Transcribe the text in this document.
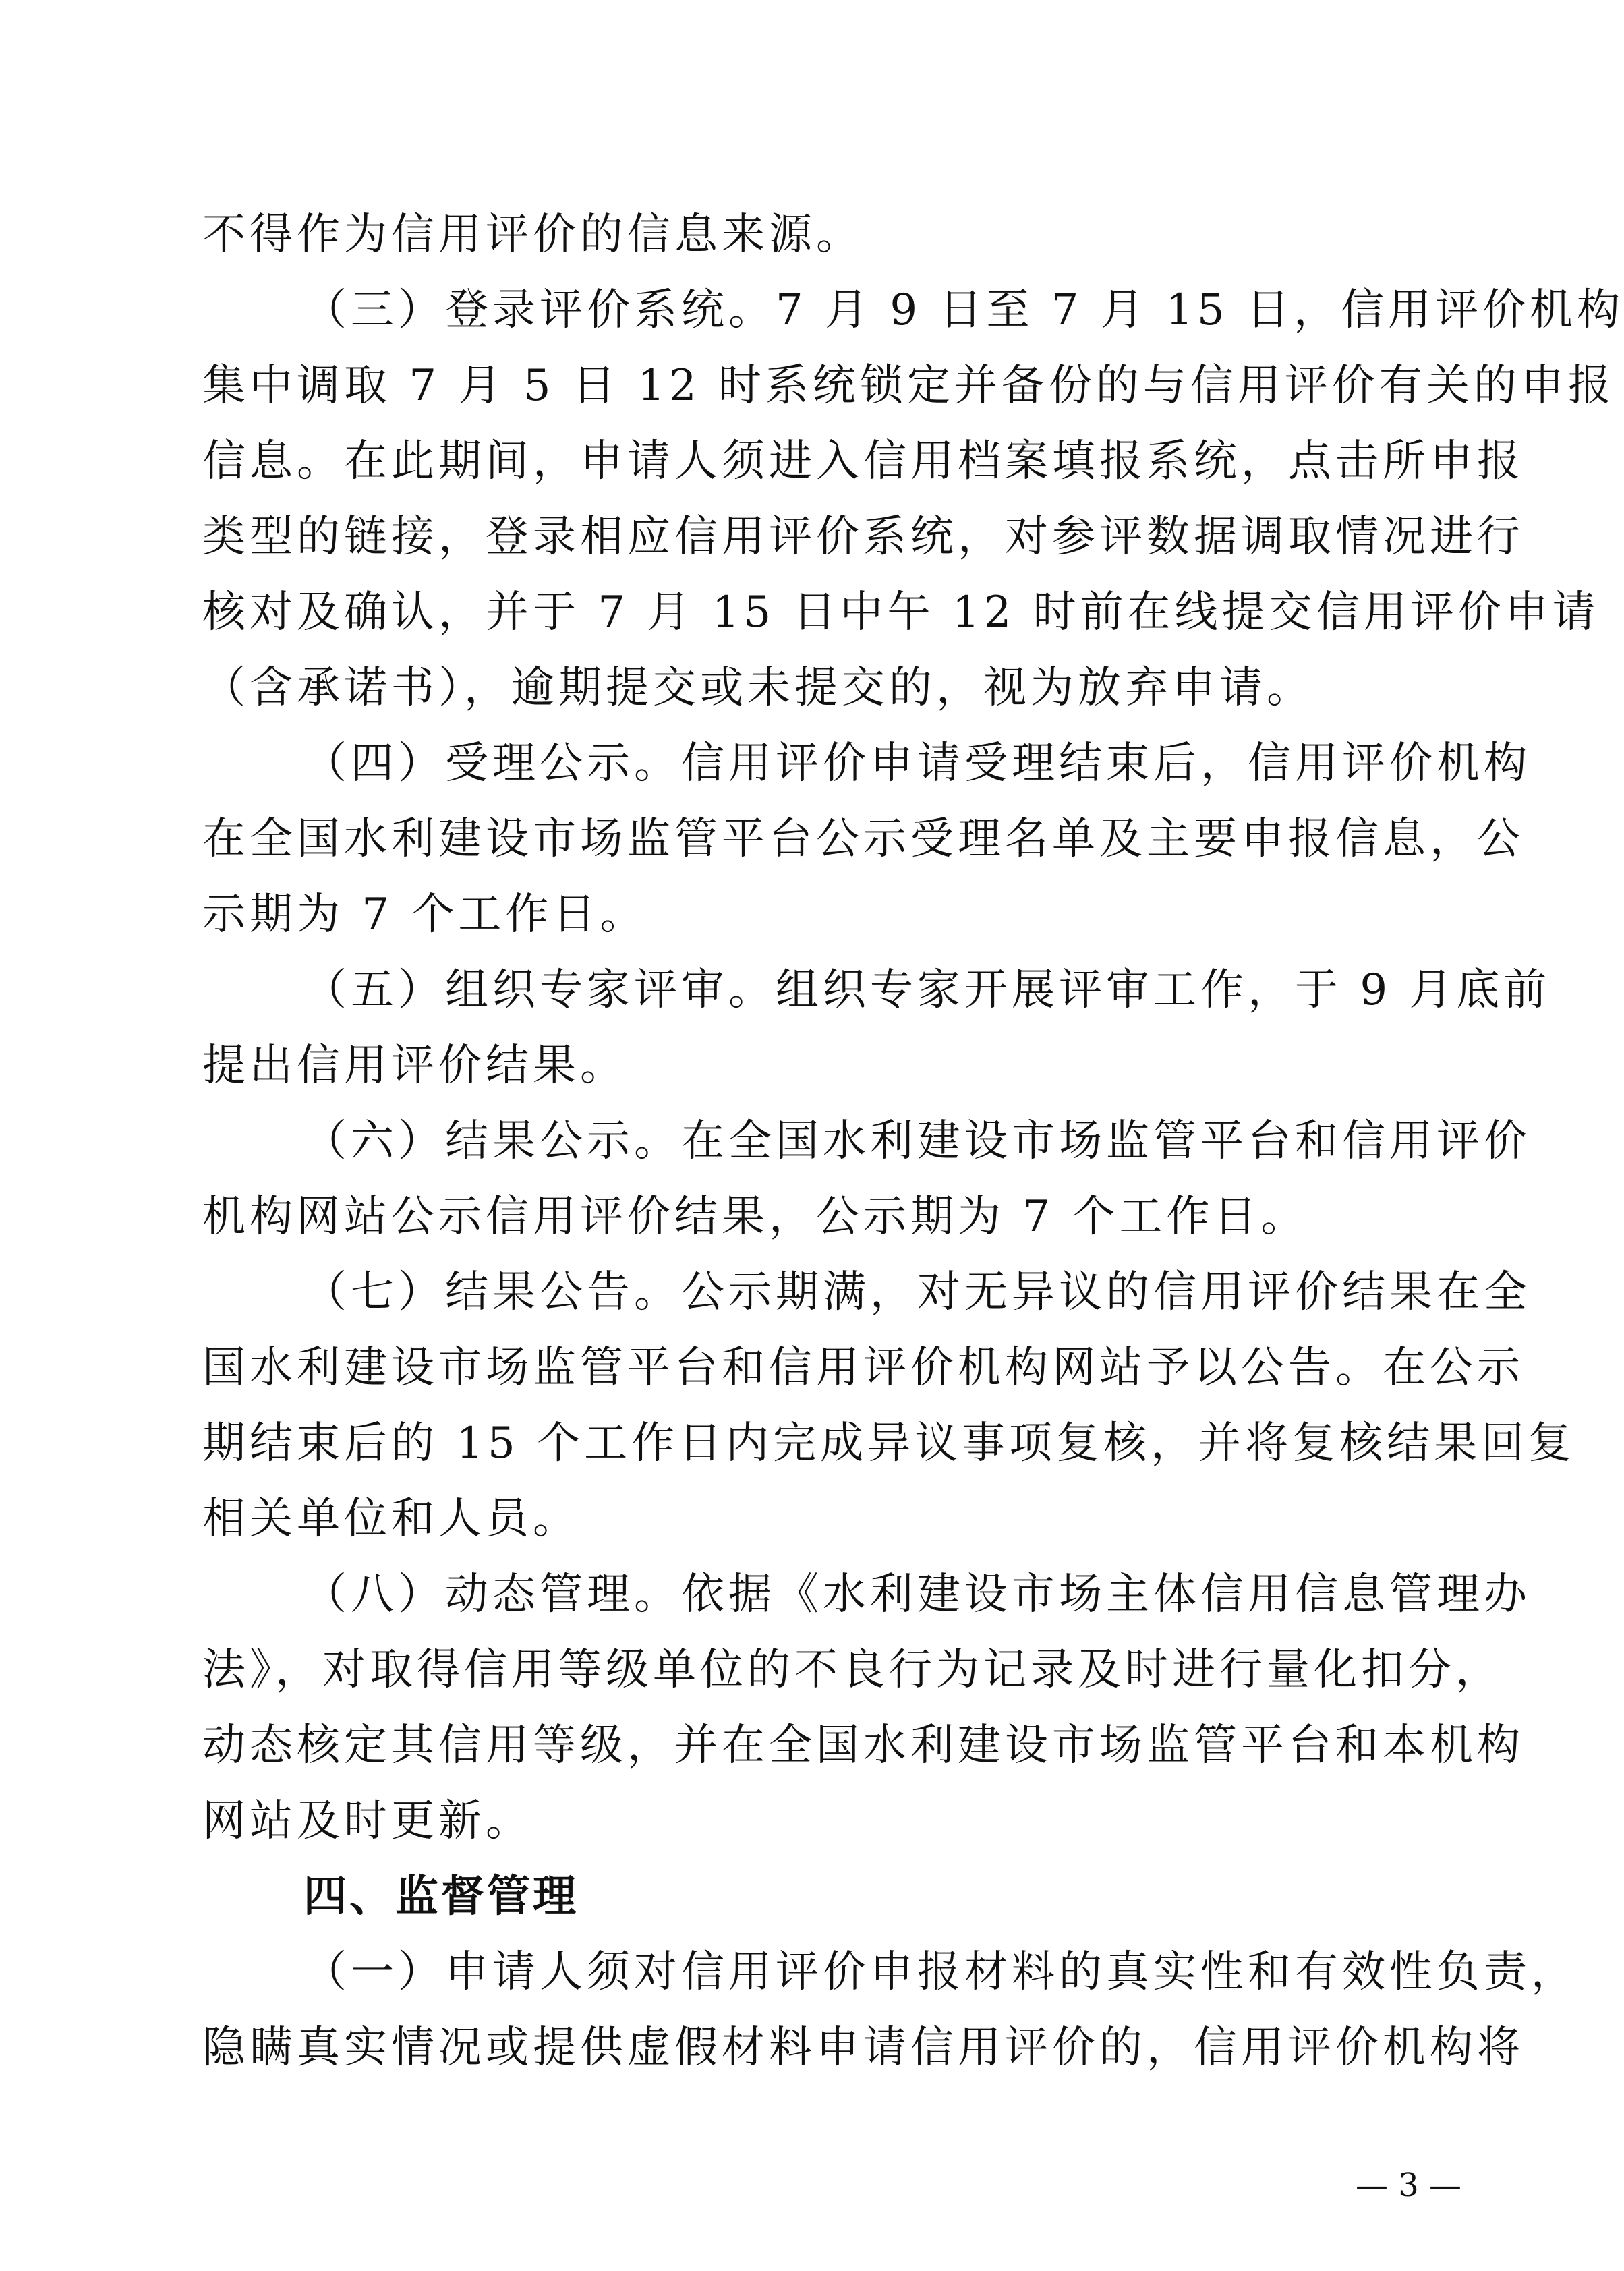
不得作为信用评价的信息来源。
（三）登录评价系统。7 月 9 日至 7 月 15 日，信用评价机构
集中调取 7 月 5 日 12 时系统锁定并备份的与信用评价有关的申报
信息。在此期间，申请人须进入信用档案填报系统，点击所申报
类型的链接，登录相应信用评价系统，对参评数据调取情况进行
核对及确认，并于 7 月 15 日中午 12 时前在线提交信用评价申请
（含承诺书），逾期提交或未提交的，视为放弃申请。
（四）受理公示。信用评价申请受理结束后，信用评价机构
在全国水利建设市场监管平台公示受理名单及主要申报信息，公
示期为 7 个工作日。
（五）组织专家评审。组织专家开展评审工作，于 9 月底前
提出信用评价结果。
（六）结果公示。在全国水利建设市场监管平台和信用评价
机构网站公示信用评价结果，公示期为 7 个工作日。
（七）结果公告。公示期满，对无异议的信用评价结果在全
国水利建设市场监管平台和信用评价机构网站予以公告。在公示
期结束后的 15 个工作日内完成异议事项复核，并将复核结果回复
相关单位和人员。
（八）动态管理。依据《水利建设市场主体信用信息管理办
法》，对取得信用等级单位的不良行为记录及时进行量化扣分，
动态核定其信用等级，并在全国水利建设市场监管平台和本机构
网站及时更新。
四、监督管理
（一）申请人须对信用评价申报材料的真实性和有效性负责，
隐瞒真实情况或提供虚假材料申请信用评价的，信用评价机构将
— 3 —
